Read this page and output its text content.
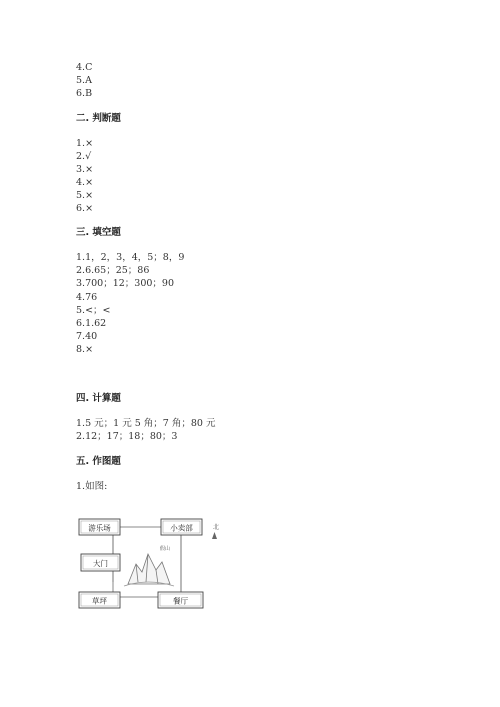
4.C
5.A
6.B
二. 判断题
1.×
2.√
3.×
4.×
5.×
6.×
三. 填空题
1.1，2，3，4，5；8，9
2.6.65；25；86
3.700；12；300；90
4.76
5.<；<
6.1.62
7.40
8.×
四. 计算题
1.5 元；1 元 5 角；7 角；80 元
2.12；17；18；80；3
五. 作图题
1.如图:
游乐场	小卖部
大门
草坪	餐厅
假山
北
